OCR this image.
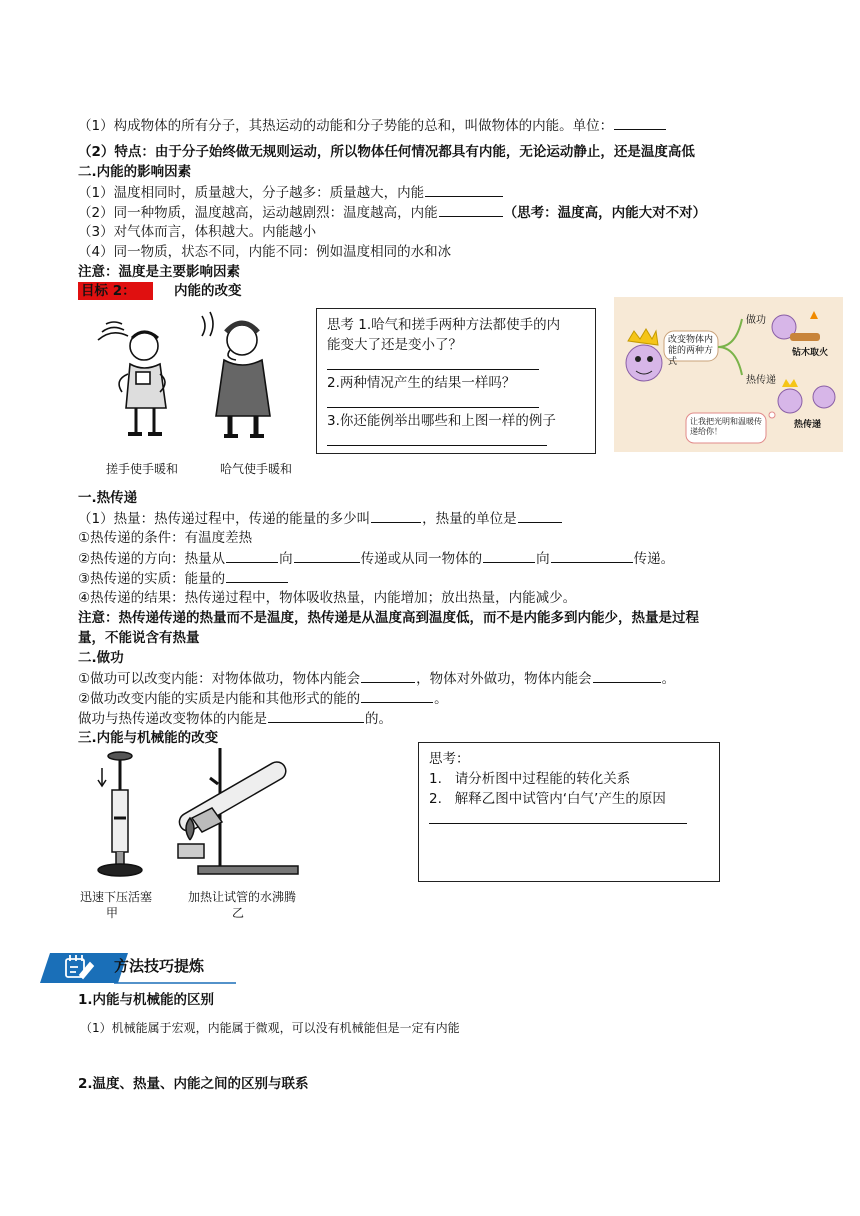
（1）构成物体的所有分子，其热运动的动能和分子势能的总和，叫做物体的内能。单位：
（2）特点：由于分子始终做无规则运动，所以物体任何情况都具有内能，无论运动静止，还是温度高低
二.内能的影响因素
（1）温度相同时，质量越大，分子越多：质量越大，内能
（2）同一种物质，温度越高，运动越剧烈：温度越高，内能	（思考：温度高，内能大对不对）
（3）对气体而言，体积越大。内能越小
（4）同一物质，状态不同，内能不同：例如温度相同的水和冰
注意：温度是主要影响因素
目标 2：	内能的改变
搓手使手暖和	哈气使手暖和
思考 1.哈气和搓手两种方法都使手的内
能变大了还是变小了？
2.两种情况产生的结果一样吗？
3.你还能例举出哪些和上图一样的例子
改变物体内能的两种方式
做功
钻木取火
热传递
热传递
让我把光明和温暖传递给你！
一.热传递
（1）热量：热传递过程中，传递的能量的多少叫	，热量的单位是
①热传递的条件：有温度差热
②热传递的方向：热量从	向	传递或从同一物体的	向	传递。
③热传递的实质：能量的
④热传递的结果：热传递过程中，物体吸收热量，内能增加；放出热量，内能减少。
注意：热传递传递的热量而不是温度，热传递是从温度高到温度低，而不是内能多到内能少，热量是过程
量，不能说含有热量
二.做功
①做功可以改变内能：对物体做功，物体内能会	，物体对外做功，物体内能会	。
②做功改变内能的实质是内能和其他形式的能的	。
做功与热传递改变物体的内能是	的。
三.内能与机械能的改变
迅速下压活塞
甲
加热让试管的水沸腾
乙
思考：
1. 请分析图中过程能的转化关系
2. 解释乙图中试管内‘白气’产生的原因
方法技巧提炼
1.内能与机械能的区别
（1）机械能属于宏观，内能属于微观，可以没有机械能但是一定有内能
2.温度、热量、内能之间的区别与联系
